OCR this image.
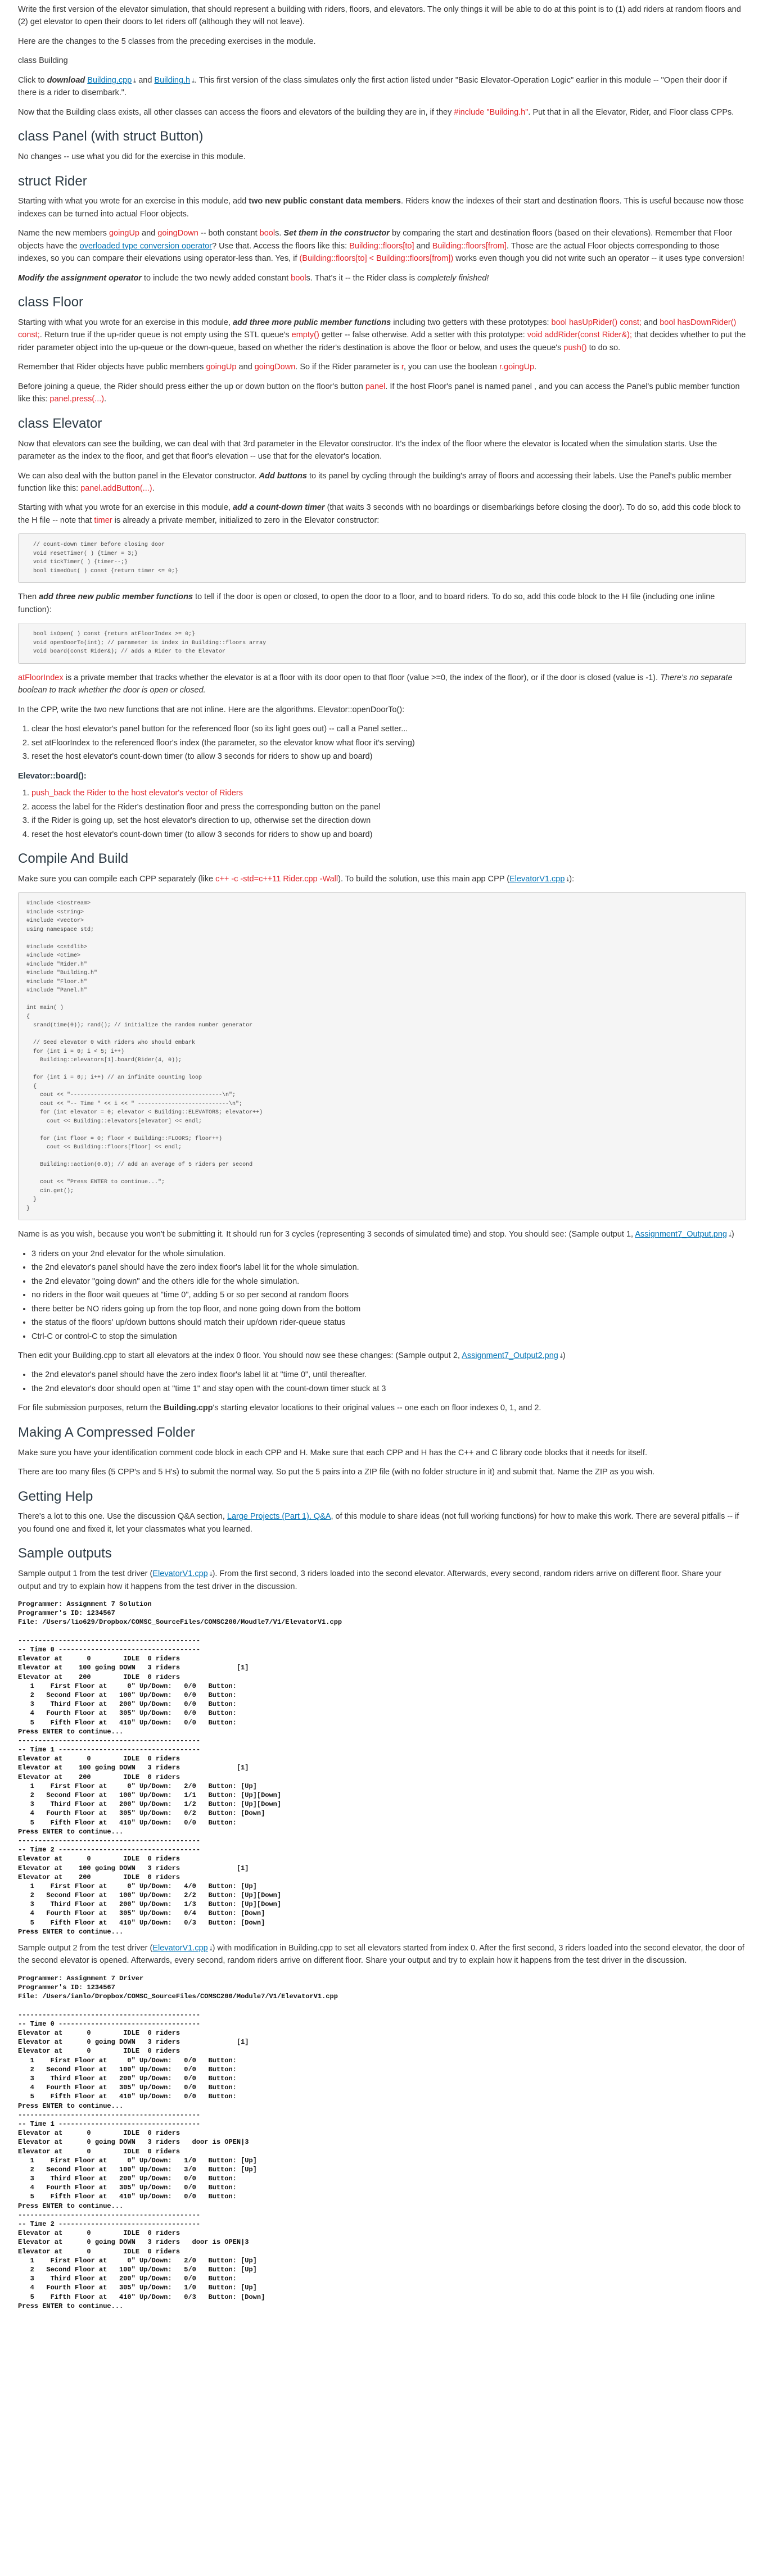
Write the first version of the elevator simulation, that should represent a building with riders, floors, and elevators. The only things it will be able to do at this point is to (1) add riders at random floors and (2) get elevator to open their doors to let riders off (although they will not leave).

Here are the changes to the 5 classes from the preceding exercises in the module.

class Building

Click to download Building.cpp ⤓ and Building.h ⤓. This first version of the class simulates only the first action listed under "Basic Elevator-Operation Logic" earlier in this module -- "Open their door if there is a rider to disembark.".

Now that the Building class exists, all other classes can access the floors and elevators of the building they are in, if they #include "Building.h". Put that in all the Elevator, Rider, and Floor class CPPs.

class Panel (with struct Button)

No changes -- use what you did for the exercise in this module.

struct Rider

Starting with what you wrote for an exercise in this module, add two new public constant data members. Riders know the indexes of their start and destination floors. This is useful because now those indexes can be turned into actual Floor objects.

Name the new members goingUp and goingDown -- both constant bools. Set them in the constructor by comparing the start and destination floors (based on their elevations). Remember that Floor objects have the overloaded type conversion operator? Use that. Access the floors like this: Building::floors[to] and Building::floors[from]. Those are the actual Floor objects corresponding to those indexes, so you can compare their elevations using operator-less than. Yes, if (Building::floors[to] < Building::floors[from]) works even though you did not write such an operator -- it uses type conversion!

Modify the assignment operator to include the two newly added constant bools. That's it -- the Rider class is completely finished!

class Floor

Starting with what you wrote for an exercise in this module, add three more public member functions including two getters with these prototypes: bool hasUpRider() const; and bool hasDownRider() const;. Return true if the up-rider queue is not empty using the STL queue's empty() getter -- false otherwise. Add a setter with this prototype: void addRider(const Rider&); that decides whether to put the rider parameter object into the up-queue or the down-queue, based on whether the rider's destination is above the floor or below, and uses the queue's push() to do so.

Remember that Rider objects have public members goingUp and goingDown. So if the Rider parameter is r, you can use the boolean r.goingUp.

Before joining a queue, the Rider should press either the up or down button on the floor's button panel. If the host Floor's panel is named panel , and you can access the Panel's public member function like this: panel.press(...).

class Elevator

Now that elevators can see the building, we can deal with that 3rd parameter in the Elevator constructor. It's the index of the floor where the elevator is located when the simulation starts. Use the parameter as the index to the floor, and get that floor's elevation -- use that for the elevator's location.

We can also deal with the button panel in the Elevator constructor. Add buttons to its panel by cycling through the building's array of floors and accessing their labels. Use the Panel's public member function like this: panel.addButton(...).

Starting with what you wrote for an exercise in this module, add a count-down timer (that waits 3 seconds with no boardings or disembarkings before closing the door). To do so, add this code block to the H file -- note that timer is already a private member, initialized to zero in the Elevator constructor:

// count-down timer before closing door
void resetTimer( ) {timer = 3;}
void tickTimer( ) {timer--;}
bool timedOut( ) const {return timer <= 0;}

Then add three new public member functions to tell if the door is open or closed, to open the door to a floor, and to board riders. To do so, add this code block to the H file (including one inline function):

bool isOpen( ) const {return atFloorIndex >= 0;}
void openDoorTo(int); // parameter is index in Building::floors array
void board(const Rider&); // adds a Rider to the Elevator

atFloorIndex is a private member that tracks whether the elevator is at a floor with its door open to that floor (value >=0, the index of the floor), or if the door is closed (value is -1). There's no separate boolean to track whether the door is open or closed.

In the CPP, write the two new functions that are not inline. Here are the algorithms. Elevator::openDoorTo():

1. clear the host elevator's panel button for the referenced floor (so its light goes out) -- call a Panel setter...
2. set atFloorIndex to the referenced floor's index (the parameter, so the elevator know what floor it's serving)
3. reset the host elevator's count-down timer (to allow 3 seconds for riders to show up and board)
Elevator::board():
1. push_back the Rider to the host elevator's vector of Riders
2. access the label for the Rider's destination floor and press the corresponding button on the panel
3. if the Rider is going up, set the host elevator's direction to up, otherwise set the direction down
4. reset the host elevator's count-down timer (to allow 3 seconds for riders to show up and board)
Compile And Build

Make sure you can compile each CPP separately (like c++ -c -std=c++11 Rider.cpp -Wall). To build the solution, use this main app CPP (ElevatorV1.cpp ⤓):

#include <iostream>
#include <string>
#include <vector>
using namespace std;

#include <cstdlib>
#include <ctime>
#include "Rider.h"
#include "Building.h"
#include "Floor.h"
#include "Panel.h"

int main( )
{
srand(time(0)); rand(); // initialize the random number generator

// Seed elevator 0 with riders who should embark
for (int i = 0; i < 5; i++)
Building::elevators[1].board(Rider(4, 0));

for (int i = 0;; i++) // an infinite counting loop
{
cout << "---------------------------------------------\n";
cout << "-- Time " << i << " ---------------------------\n";
for (int elevator = 0; elevator < Building::ELEVATORS; elevator++)
cout << Building::elevators[elevator] << endl;

for (int floor = 0; floor < Building::FLOORS; floor++)
cout << Building::floors[floor] << endl;

Building::action(0.0); // add an average of 5 riders per second

cout << "Press ENTER to continue...";
cin.get();
}
}

Name is as you wish, because you won't be submitting it. It should run for 3 cycles (representing 3 seconds of simulated time) and stop. You should see: (Sample output 1, Assignment7_Output.png ⤓)

• 3 riders on your 2nd elevator for the whole simulation.
• the 2nd elevator's panel should have the zero index floor's label lit for the whole simulation.
• the 2nd elevator "going down" and the others idle for the whole simulation.
• no riders in the floor wait queues at "time 0", adding 5 or so per second at random floors
• there better be NO riders going up from the top floor, and none going down from the bottom
• the status of the floors' up/down buttons should match their up/down rider-queue status
• Ctrl-C or control-C to stop the simulation

Then edit your Building.cpp to start all elevators at the index 0 floor. You should now see these changes: (Sample output 2, Assignment7_Output2.png ⤓)

• the 2nd elevator's panel should have the zero index floor's label lit at "time 0", until thereafter.
• the 2nd elevator's door should open at "time 1" and stay open with the count-down timer stuck at 3

For file submission purposes, return the Building.cpp's starting elevator locations to their original values -- one each on floor indexes 0, 1, and 2.

Making A Compressed Folder

Make sure you have your identification comment code block in each CPP and H. Make sure that each CPP and H has the C++ and C library code blocks that it needs for itself.

There are too many files (5 CPP's and 5 H's) to submit the normal way. So put the 5 pairs into a ZIP file (with no folder structure in it) and submit that. Name the ZIP as you wish.

Getting Help

There's a lot to this one. Use the discussion Q&A section, Large Projects (Part 1), Q&A, of this module to share ideas (not full working functions) for how to make this work. There are several pitfalls -- if you found one and fixed it, let your classmates what you learned.

Sample outputs

Sample output 1 from the test driver (ElevatorV1.cpp ⤓). From the first second, 3 riders loaded into the second elevator. Afterwards, every second, random riders arrive on different floor. Share your output and try to explain how it happens from the test driver in the discussion.

Programmer: Assignment 7 Solution
Programmer's ID: 1234567
File: /Users/lio629/Dropbox/COMSC_SourceFiles/COMSC200/Moudle7/V1/ElevatorV1.cpp

---------------------------------------------
-- Time 0 -----------------------------------
Elevator at      0        IDLE  0 riders
Elevator at    100 going DOWN   3 riders              [1]
Elevator at    200        IDLE  0 riders
1    First Floor at     0" Up/Down:   0/0   Button:
2   Second Floor at   100" Up/Down:   0/0   Button:
3    Third Floor at   200" Up/Down:   0/0   Button:
4   Fourth Floor at   305" Up/Down:   0/0   Button:
5    Fifth Floor at   410" Up/Down:   0/0   Button:
Press ENTER to continue...
---------------------------------------------
-- Time 1 -----------------------------------
Elevator at      0        IDLE  0 riders
Elevator at    100 going DOWN   3 riders              [1]
Elevator at    200        IDLE  0 riders
1    First Floor at     0" Up/Down:   2/0   Button: [Up]
2   Second Floor at   100" Up/Down:   1/1   Button: [Up][Down]
3    Third Floor at   200" Up/Down:   1/2   Button: [Up][Down]
4   Fourth Floor at   305" Up/Down:   0/2   Button: [Down]
5    Fifth Floor at   410" Up/Down:   0/0   Button:
Press ENTER to continue...
---------------------------------------------
-- Time 2 -----------------------------------
Elevator at      0        IDLE  0 riders
Elevator at    100 going DOWN   3 riders              [1]
Elevator at    200        IDLE  0 riders
1    First Floor at     0" Up/Down:   4/0   Button: [Up]
2   Second Floor at   100" Up/Down:   2/2   Button: [Up][Down]
3    Third Floor at   200" Up/Down:   1/3   Button: [Up][Down]
4   Fourth Floor at   305" Up/Down:   0/4   Button: [Down]
5    Fifth Floor at   410" Up/Down:   0/3   Button: [Down]
Press ENTER to continue...

Sample output 2 from the test driver (ElevatorV1.cpp ⤓) with modification in Building.cpp to set all elevators started from index 0. After the first second, 3 riders loaded into the second elevator, the door of the second elevator is opened. Afterwards, every second, random riders arrive on different floor. Share your output and try to explain how it happens from the test driver in the discussion.

Programmer: Assignment 7 Driver
Programmer's ID: 1234567
File: /Users/ianlo/Dropbox/COMSC_SourceFiles/COMSC200/Module7/V1/ElevatorV1.cpp

---------------------------------------------
-- Time 0 -----------------------------------
Elevator at      0        IDLE  0 riders
Elevator at      0 going DOWN   3 riders              [1]
Elevator at      0        IDLE  0 riders
1    First Floor at     0" Up/Down:   0/0   Button:
2   Second Floor at   100" Up/Down:   0/0   Button:
3    Third Floor at   200" Up/Down:   0/0   Button:
4   Fourth Floor at   305" Up/Down:   0/0   Button:
5    Fifth Floor at   410" Up/Down:   0/0   Button:
Press ENTER to continue...
---------------------------------------------
-- Time 1 -----------------------------------
Elevator at      0        IDLE  0 riders
Elevator at      0 going DOWN   3 riders   door is OPEN|3
Elevator at      0        IDLE  0 riders
1    First Floor at     0" Up/Down:   1/0   Button: [Up]
2   Second Floor at   100" Up/Down:   3/0   Button: [Up]
3    Third Floor at   200" Up/Down:   0/0   Button:
4   Fourth Floor at   305" Up/Down:   0/0   Button:
5    Fifth Floor at   410" Up/Down:   0/0   Button:
Press ENTER to continue...
---------------------------------------------
-- Time 2 -----------------------------------
Elevator at      0        IDLE  0 riders
Elevator at      0 going DOWN   3 riders   door is OPEN|3
Elevator at      0        IDLE  0 riders
1    First Floor at     0" Up/Down:   2/0   Button: [Up]
2   Second Floor at   100" Up/Down:   5/0   Button: [Up]
3    Third Floor at   200" Up/Down:   0/0   Button:
4   Fourth Floor at   305" Up/Down:   1/0   Button: [Up]
5    Fifth Floor at   410" Up/Down:   0/3   Button: [Down]
Press ENTER to continue...
